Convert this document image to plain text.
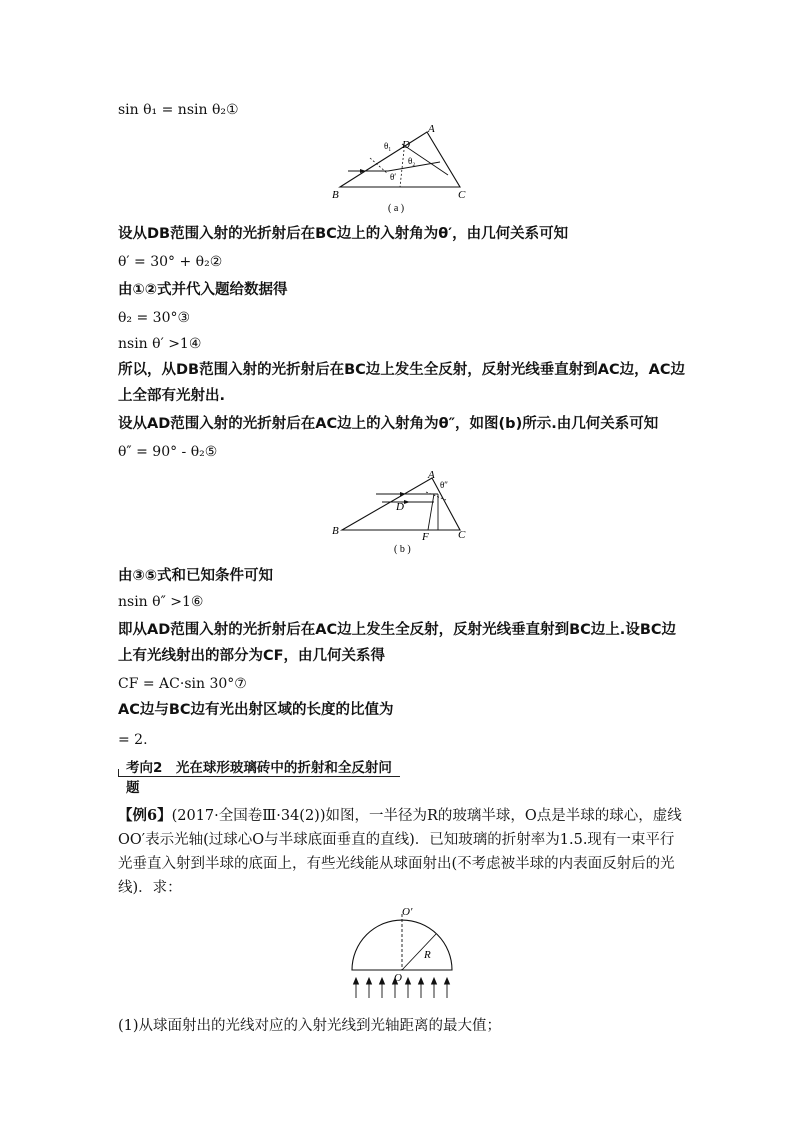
sin θ₁ = nsin θ₂①
A
B	C
D
θ₁
θ₂
θ′
( a )
设从DB范围入射的光折射后在BC边上的入射角为θ′，由几何关系可知
θ′ = 30° + θ₂②
由①②式并代入题给数据得
θ₂ = 30°③
nsin θ′ >1④
所以，从DB范围入射的光折射后在BC边上发生全反射，反射光线垂直射到AC边，AC边
上全部有光射出.
设从AD范围入射的光折射后在AC边上的入射角为θ″，如图(b)所示.由几何关系可知
θ″ = 90° - θ₂⑤
A
B	C
D
F
θ″
( b )
由③⑤式和已知条件可知
nsin θ″ >1⑥
即从AD范围入射的光折射后在AC边上发生全反射，反射光线垂直射到BC边上.设BC边
上有光线射出的部分为CF，由几何关系得
CF = AC·sin 30°⑦
AC边与BC边有光出射区域的长度的比值为
= 2.
考向2　光在球形玻璃砖中的折射和全反射问题
【例6】(2017·全国卷Ⅲ·34(2))如图，一半径为R的玻璃半球，O点是半球的球心，虚线OO′表示光轴(过球心O与半球底面垂直的直线)．已知玻璃的折射率为1.5.现有一束平行光垂直入射到半球的底面上，有些光线能从球面射出(不考虑被半球的内表面反射后的光线)．求：
O′
O
R
(1)从球面射出的光线对应的入射光线到光轴距离的最大值；
